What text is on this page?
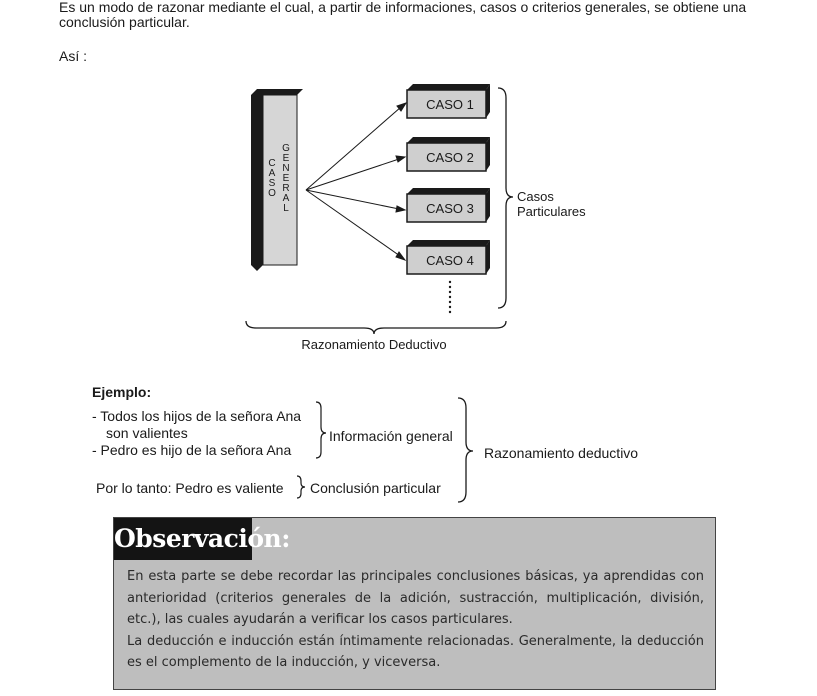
Es un modo de razonar mediante el cual, a partir de informaciones, casos o criterios generales, se obtiene una conclusión particular.

Así :
C A S O
G E N E R A L
CASO 1
CASO 2
CASO 3
CASO 4
Casos
Particulares
Razonamiento Deductivo
Ejemplo:
- Todos los hijos de la señora Ana
son valientes
- Pedro es hijo de la señora Ana
Información general
Por lo tanto: Pedro es valiente Conclusión particular
Razonamiento deductivo
Observación:

En esta parte se debe recordar las principales conclusiones básicas, ya aprendidas con anterioridad (criterios generales de la adición, sustracción, multiplicación, división, etc.), las cuales ayudarán a verificar los casos particulares.

La deducción e inducción están íntimamente relacionadas. Generalmente, la deducción es el complemento de la inducción, y viceversa.
